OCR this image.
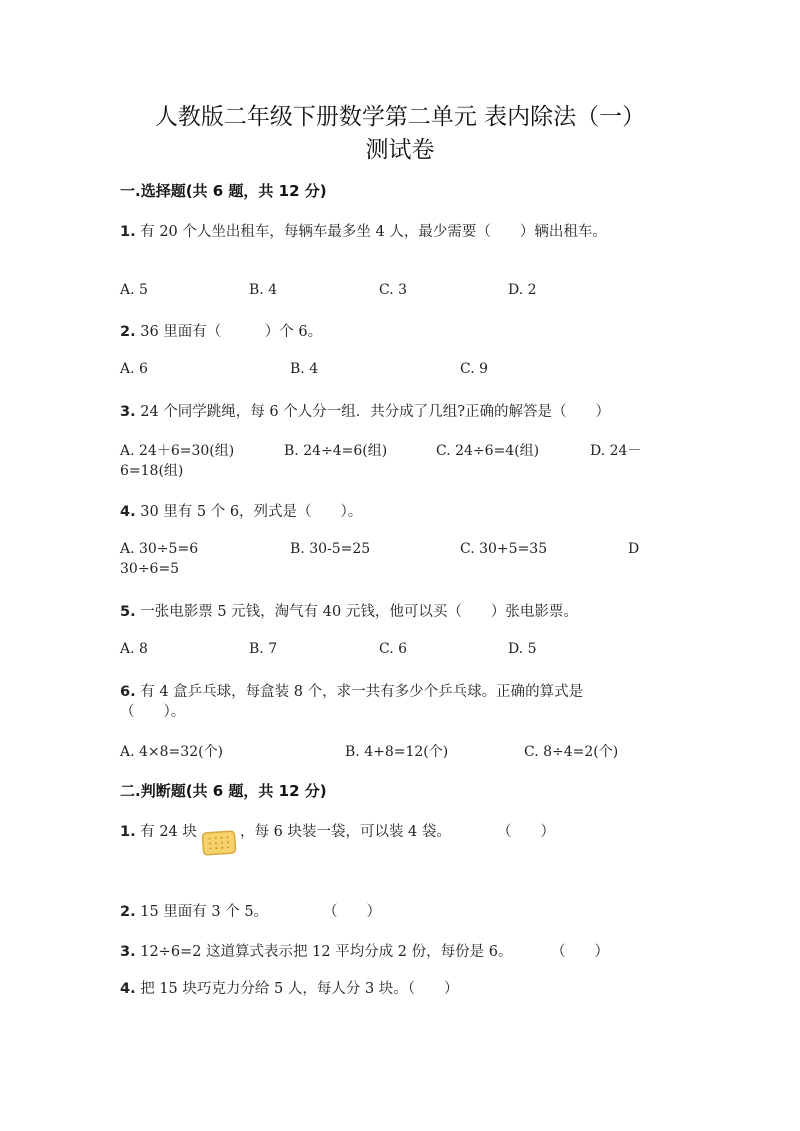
人教版二年级下册数学第二单元 表内除法（一）
测试卷
一.选择题(共 6 题，共 12 分)
1. 有 20 个人坐出租车，每辆车最多坐 4 人，最少需要（　　）辆出租车。
A. 5	B. 4	C. 3	D. 2
2. 36 里面有（　　　）个 6。
A. 6	B. 4	C. 9
3. 24 个同学跳绳，每 6 个人分一组．共分成了几组?正确的解答是（　　）
A. 24＋6=30(组)	B. 24÷4=6(组)	C. 24÷6=4(组)	D. 24－
6=18(组)
4. 30 里有 5 个 6，列式是（　　）。
A. 30÷5=6	B. 30-5=25	C. 30+5=35	D
30÷6=5
5. 一张电影票 5 元钱，淘气有 40 元钱，他可以买（　　）张电影票。
A. 8	B. 7	C. 6	D. 5
6. 有 4 盒乒乓球，每盒装 8 个，求一共有多少个乒乓球。正确的算式是
（　　）。
A. 4×8=32(个)	B. 4+8=12(个)	C. 8÷4=2(个)
二.判断题(共 6 题，共 12 分)
1. 有 24 块	，每 6 块装一袋，可以装 4 袋。	（　　）
2. 15 里面有 3 个 5。	（　　）
3. 12÷6=2 这道算式表示把 12 平均分成 2 份，每份是 6。	（　　）
4. 把 15 块巧克力分给 5 人，每人分 3 块。（　　）
